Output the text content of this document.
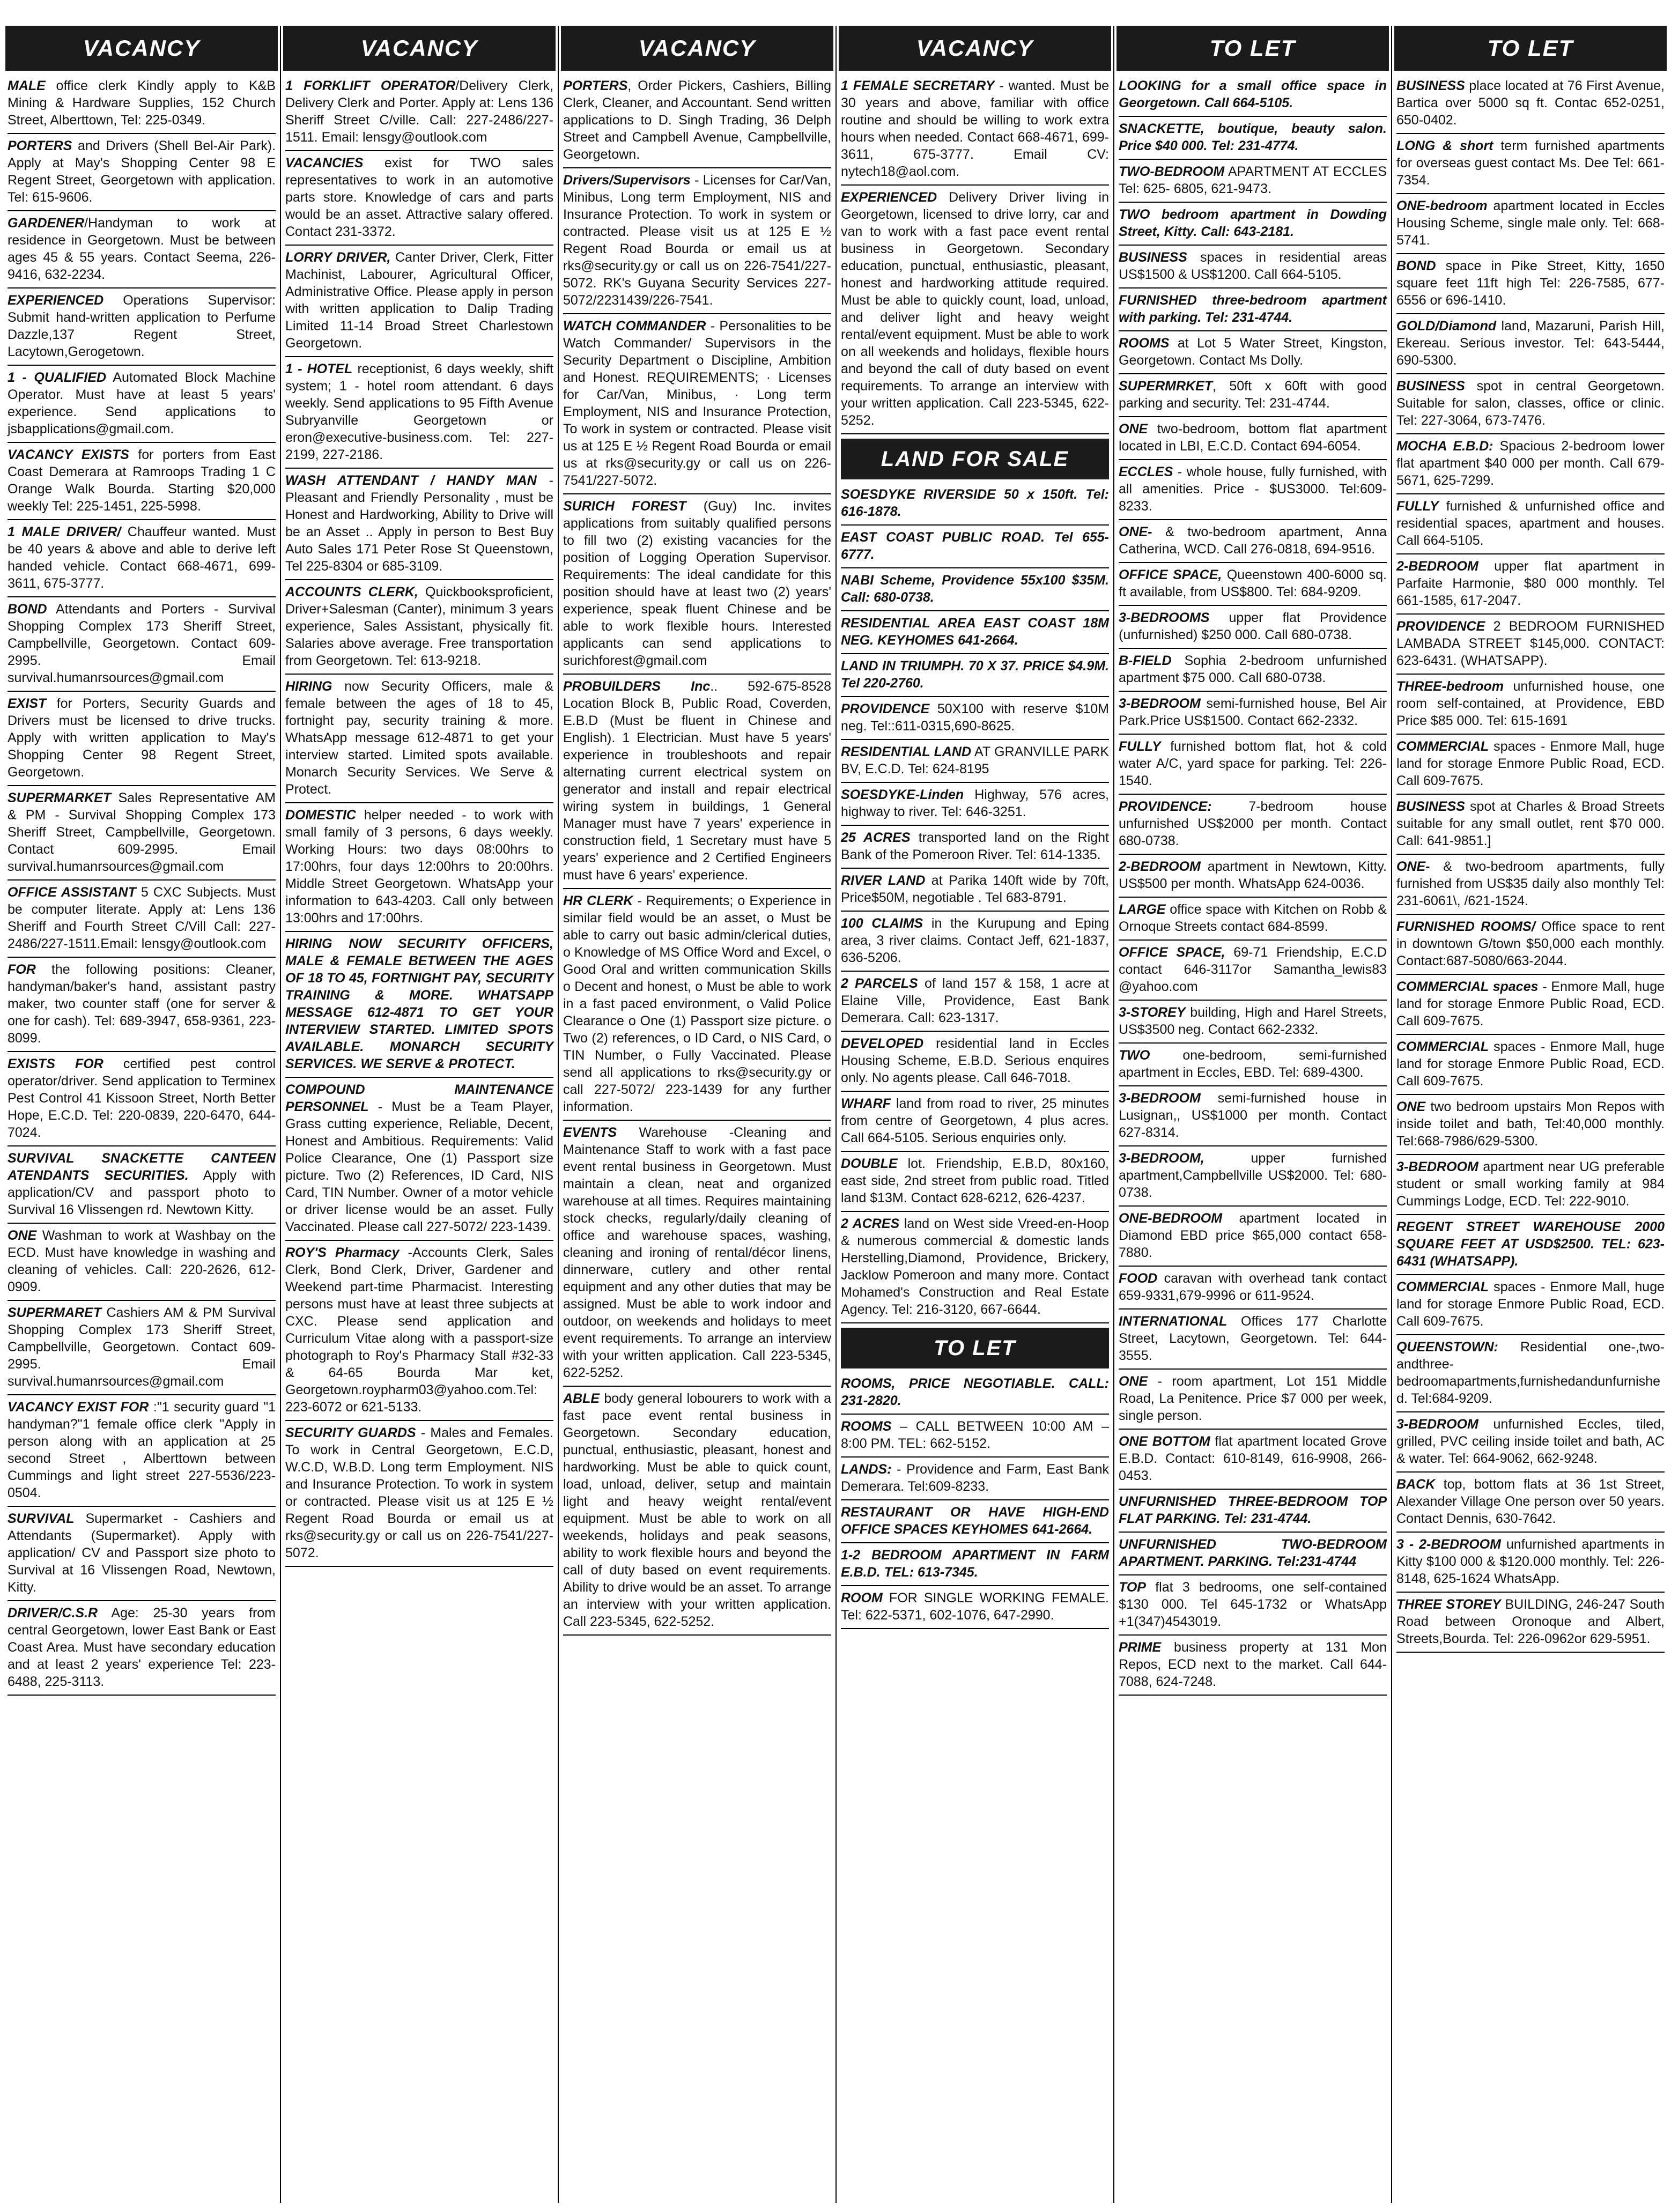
VACANCY
MALE office clerk Kindly apply to K&B Mining & Hardware Supplies, 152 Church Street, Alberttown, Tel: 225-0349.
PORTERS and Drivers (Shell Bel-Air Park). Apply at May's Shopping Center 98 E Regent Street, Georgetown with application. Tel: 615-9606.
GARDENER/Handyman to work at residence in Georgetown. Must be between ages 45 & 55 years. Contact Seema, 226-9416, 632-2234.
EXPERIENCED Operations Supervisor: Submit hand-written application to Perfume Dazzle,137 Regent Street, Lacytown,Gerogetown.
1 - QUALIFIED Automated Block Machine Operator. Must have at least 5 years' experience. Send applications to jsbapplications@gmail.com.
VACANCY EXISTS for porters from East Coast Demerara at Ramroops Trading 1 C Orange Walk Bourda. Starting $20,000 weekly Tel: 225-1451, 225-5998.
1 MALE DRIVER/ Chauffeur wanted. Must be 40 years & above and able to derive left handed vehicle. Contact 668-4671, 699-3611, 675-3777.
BOND Attendants and Porters - Survival Shopping Complex 173 Sheriff Street, Campbellville, Georgetown. Contact 609-2995. Email survival.humanrsources@gmail.com
EXIST for Porters, Security Guards and Drivers must be licensed to drive trucks. Apply with written application to May's Shopping Center 98 Regent Street, Georgetown.
SUPERMARKET Sales Representative AM & PM - Survival Shopping Complex 173 Sheriff Street, Campbellville, Georgetown. Contact 609-2995. Email survival.humanrsources@gmail.com
OFFICE ASSISTANT 5 CXC Subjects. Must be computer literate. Apply at: Lens 136 Sheriff and Fourth Street C/Vill Call: 227-2486/227-1511.Email: lensgy@outlook.com
FOR the following positions: Cleaner, handyman/baker's hand, assistant pastry maker, two counter staff (one for server & one for cash). Tel: 689-3947, 658-9361, 223-8099.
EXISTS FOR certified pest control operator/driver. Send application to Terminex Pest Control 41 Kissoon Street, North Better Hope, E.C.D. Tel: 220-0839, 220-6470, 644-7024.
SURVIVAL SNACKETTE CANTEEN ATENDANTS SECURITIES. Apply with application/CV and passport photo to Survival 16 Vlissengen rd. Newtown Kitty.
ONE Washman to work at Washbay on the ECD. Must have knowledge in washing and cleaning of vehicles. Call: 220-2626, 612-0909.
SUPERMARET Cashiers AM & PM Survival Shopping Complex 173 Sheriff Street, Campbellville, Georgetown. Contact 609-2995. Email survival.humanrsources@gmail.com
VACANCY EXIST FOR :"1 security guard "1 handyman?"1 female office clerk "Apply in person along with an application at 25 second Street , Alberttown between Cummings and light street 227-5536/223-0504.
SURVIVAL Supermarket - Cashiers and Attendants (Supermarket). Apply with application/ CV and Passport size photo to Survival at 16 Vlissengen Road, Newtown, Kitty.
DRIVER/C.S.R Age: 25-30 years from central Georgetown, lower East Bank or East Coast Area. Must have secondary education and at least 2 years' experience Tel: 223-6488, 225-3113.
VACANCY
1 FORKLIFT OPERATOR/Delivery Clerk, Delivery Clerk and Porter. Apply at: Lens 136 Sheriff Street C/ville. Call: 227-2486/227-1511. Email: lensgy@outlook.com
VACANCIES exist for TWO sales representatives to work in an automotive parts store. Knowledge of cars and parts would be an asset. Attractive salary offered. Contact 231-3372.
LORRY DRIVER, Canter Driver, Clerk, Fitter Machinist, Labourer, Agricultural Officer, Administrative Office. Please apply in person with written application to Dalip Trading Limited 11-14 Broad Street Charlestown Georgetown.
1 - HOTEL receptionist, 6 days weekly, shift system; 1 - hotel room attendant. 6 days weekly. Send applications to 95 Fifth Avenue Subryanville Georgetown or eron@executive-business.com. Tel: 227-2199, 227-2186.
WASH ATTENDANT / HANDY MAN - Pleasant and Friendly Personality , must be Honest and Hardworking, Ability to Drive will be an Asset .. Apply in person to Best Buy Auto Sales 171 Peter Rose St Queenstown, Tel 225-8304 or 685-3109.
ACCOUNTS CLERK, Quickbooksproficient, Driver+Salesman (Canter), minimum 3 years experience, Sales Assistant, physically fit. Salaries above average. Free transportation from Georgetown. Tel: 613-9218.
HIRING now Security Officers, male & female between the ages of 18 to 45, fortnight pay, security training & more. WhatsApp message 612-4871 to get your interview started. Limited spots available. Monarch Security Services. We Serve & Protect.
DOMESTIC helper needed - to work with small family of 3 persons, 6 days weekly. Working Hours: two days 08:00hrs to 17:00hrs, four days 12:00hrs to 20:00hrs. Middle Street Georgetown. WhatsApp your information to 643-4203. Call only between 13:00hrs and 17:00hrs.
HIRING NOW SECURITY OFFICERS, MALE & FEMALE BETWEEN THE AGES OF 18 TO 45, FORTNIGHT PAY, SECURITY TRAINING & MORE. WHATSAPP MESSAGE 612-4871 TO GET YOUR INTERVIEW STARTED. LIMITED SPOTS AVAILABLE. MONARCH SECURITY SERVICES. WE SERVE & PROTECT.
COMPOUND MAINTENANCE PERSONNEL - Must be a Team Player, Grass cutting experience, Reliable, Decent, Honest and Ambitious. Requirements: Valid Police Clearance, One (1) Passport size picture. Two (2) References, ID Card, NIS Card, TIN Number. Owner of a motor vehicle or driver license would be an asset. Fully Vaccinated. Please call 227-5072/ 223-1439.
ROY'S Pharmacy -Accounts Clerk, Sales Clerk, Bond Clerk, Driver, Gardener and Weekend part-time Pharmacist. Interesting persons must have at least three subjects at CXC. Please send application and Curriculum Vitae along with a passport-size photograph to Roy's Pharmacy Stall #32-33 & 64-65 Bourda Mar ket, Georgetown.roypharm03@yahoo.com.Tel: 223-6072 or 621-5133.
SECURITY GUARDS - Males and Females. To work in Central Georgetown, E.C.D, W.C.D, W.B.D. Long term Employment. NIS and Insurance Protection. To work in system or contracted. Please visit us at 125 E ½ Regent Road Bourda or email us at rks@security.gy or call us on 226-7541/227-5072.
VACANCY
PORTERS, Order Pickers, Cashiers, Billing Clerk, Cleaner, and Accountant. Send written applications to D. Singh Trading, 36 Delph Street and Campbell Avenue, Campbellville, Georgetown.
Drivers/Supervisors - Licenses for Car/Van, Minibus, Long term Employment, NIS and Insurance Protection. To work in system or contracted. Please visit us at 125 E ½ Regent Road Bourda or email us at rks@security.gy or call us on 226-7541/227-5072. RK's Guyana Security Services 227-5072/2231439/226-7541.
WATCH COMMANDER - Personalities to be Watch Commander/ Supervisors in the Security Department o Discipline, Ambition and Honest. REQUIREMENTS; · Licenses for Car/Van, Minibus, · Long term Employment, NIS and Insurance Protection, To work in system or contracted. Please visit us at 125 E ½ Regent Road Bourda or email us at rks@security.gy or call us on 226-7541/227-5072.
SURICH FOREST (Guy) Inc. invites applications from suitably qualified persons to fill two (2) existing vacancies for the position of Logging Operation Supervisor. Requirements: The ideal candidate for this position should have at least two (2) years' experience, speak fluent Chinese and be able to work flexible hours. Interested applicants can send applications to surichforest@gmail.com
PROBUILDERS Inc.. 592-675-8528 Location Block B, Public Road, Coverden, E.B.D (Must be fluent in Chinese and English). 1 Electrician. Must have 5 years' experience in troubleshoots and repair alternating current electrical system on generator and install and repair electrical wiring system in buildings, 1 General Manager must have 7 years' experience in construction field, 1 Secretary must have 5 years' experience and 2 Certified Engineers must have 6 years' experience.
HR CLERK - Requirements; o Experience in similar field would be an asset, o Must be able to carry out basic admin/clerical duties, o Knowledge of MS Office Word and Excel, o Good Oral and written communication Skills o Decent and honest, o Must be able to work in a fast paced environment, o Valid Police Clearance o One (1) Passport size picture. o Two (2) references, o ID Card, o NIS Card, o TIN Number, o Fully Vaccinated. Please send all applications to rks@security.gy or call 227-5072/ 223-1439 for any further information.
EVENTS Warehouse -Cleaning and Maintenance Staff to work with a fast pace event rental business in Georgetown. Must maintain a clean, neat and organized warehouse at all times. Requires maintaining stock checks, regularly/daily cleaning of office and warehouse spaces, washing, cleaning and ironing of rental/décor linens, dinnerware, cutlery and other rental equipment and any other duties that may be assigned. Must be able to work indoor and outdoor, on weekends and holidays to meet event requirements. To arrange an interview with your written application. Call 223-5345, 622-5252.
ABLE body general lobourers to work with a fast pace event rental business in Georgetown. Secondary education, punctual, enthusiastic, pleasant, honest and hardworking. Must be able to quick count, load, unload, deliver, setup and maintain light and heavy weight rental/event equipment. Must be able to work on all weekends, holidays and peak seasons, ability to work flexible hours and beyond the call of duty based on event requirements. Ability to drive would be an asset. To arrange an interview with your written application. Call 223-5345, 622-5252.
VACANCY
1 FEMALE SECRETARY - wanted. Must be 30 years and above, familiar with office routine and should be willing to work extra hours when needed. Contact 668-4671, 699-3611, 675-3777. Email CV: nytech18@aol.com.
EXPERIENCED Delivery Driver living in Georgetown, licensed to drive lorry, car and van to work with a fast pace event rental business in Georgetown. Secondary education, punctual, enthusiastic, pleasant, honest and hardworking attitude required. Must be able to quickly count, load, unload, and deliver light and heavy weight rental/event equipment. Must be able to work on all weekends and holidays, flexible hours and beyond the call of duty based on event requirements. To arrange an interview with your written application. Call 223-5345, 622-5252.
LAND FOR SALE
SOESDYKE RIVERSIDE 50 x 150ft. Tel: 616-1878.
EAST COAST PUBLIC ROAD. Tel 655-6777.
NABI Scheme, Providence 55x100 $35M. Call: 680-0738.
RESIDENTIAL AREA EAST COAST 18M NEG. KEYHOMES 641-2664.
LAND IN TRIUMPH. 70 X 37. PRICE $4.9M. Tel 220-2760.
PROVIDENCE 50X100 with reserve $10M neg. Tel::611-0315,690-8625.
RESIDENTIAL LAND AT GRANVILLE PARK BV, E.C.D. Tel: 624-8195
SOESDYKE-Linden Highway, 576 acres, highway to river. Tel: 646-3251.
25 ACRES transported land on the Right Bank of the Pomeroon River. Tel: 614-1335.
RIVER LAND at Parika 140ft wide by 70ft, Price$50M, negotiable . Tel 683-8791.
100 CLAIMS in the Kurupung and Eping area, 3 river claims. Contact Jeff, 621-1837, 636-5206.
2 PARCELS of land 157 & 158, 1 acre at Elaine Ville, Providence, East Bank Demerara. Call: 623-1317.
DEVELOPED residential land in Eccles Housing Scheme, E.B.D. Serious enquires only. No agents please. Call 646-7018.
WHARF land from road to river, 25 minutes from centre of Georgetown, 4 plus acres. Call 664-5105. Serious enquiries only.
DOUBLE lot. Friendship, E.B.D, 80x160, east side, 2nd street from public road. Titled land $13M. Contact 628-6212, 626-4237.
2 ACRES land on West side Vreed-en-Hoop & numerous commercial & domestic lands Herstelling,Diamond, Providence, Brickery, Jacklow Pomeroon and many more. Contact Mohamed's Construction and Real Estate Agency. Tel: 216-3120, 667-6644.
TO LET
ROOMS, PRICE NEGOTIABLE. CALL: 231-2820.
ROOMS – CALL BETWEEN 10:00 AM – 8:00 PM. TEL: 662-5152.
LANDS: - Providence and Farm, East Bank Demerara. Tel:609-8233.
RESTAURANT OR HAVE HIGH-END OFFICE SPACES KEYHOMES 641-2664.
1-2 BEDROOM APARTMENT IN FARM E.B.D. TEL: 613-7345.
ROOM FOR SINGLE WORKING FEMALE. Tel: 622-5371, 602-1076, 647-2990.
TO LET
LOOKING for a small office space in Georgetown. Call 664-5105.
SNACKETTE, boutique, beauty salon. Price $40 000. Tel: 231-4774.
TWO-BEDROOM APARTMENT AT ECCLES Tel: 625- 6805, 621-9473.
TWO bedroom apartment in Dowding Street, Kitty. Call: 643-2181.
BUSINESS spaces in residential areas US$1500 & US$1200. Call 664-5105.
FURNISHED three-bedroom apartment with parking. Tel: 231-4744.
ROOMS at Lot 5 Water Street, Kingston, Georgetown. Contact Ms Dolly.
SUPERMRKET, 50ft x 60ft with good parking and security. Tel: 231-4744.
ONE two-bedroom, bottom flat apartment located in LBI, E.C.D. Contact 694-6054.
ECCLES - whole house, fully furnished, with all amenities. Price - $US3000. Tel:609-8233.
ONE- & two-bedroom apartment, Anna Catherina, WCD. Call 276-0818, 694-9516.
OFFICE SPACE, Queenstown 400-6000 sq. ft available, from US$800. Tel: 684-9209.
3-BEDROOMS upper flat Providence (unfurnished) $250 000. Call 680-0738.
B-FIELD Sophia 2-bedroom unfurnished apartment $75 000. Call 680-0738.
3-BEDROOM semi-furnished house, Bel Air Park.Price US$1500. Contact 662-2332.
FULLY furnished bottom flat, hot & cold water A/C, yard space for parking. Tel: 226-1540.
PROVIDENCE: 7-bedroom house unfurnished US$2000 per month. Contact 680-0738.
2-BEDROOM apartment in Newtown, Kitty. US$500 per month. WhatsApp 624-0036.
LARGE office space with Kitchen on Robb & Ornoque Streets contact 684-8599.
OFFICE SPACE, 69-71 Friendship, E.C.D contact 646-3117or Samantha_lewis83 @yahoo.com
3-STOREY building, High and Harel Streets, US$3500 neg. Contact 662-2332.
TWO one-bedroom, semi-furnished apartment in Eccles, EBD. Tel: 689-4300.
3-BEDROOM semi-furnished house in Lusignan,, US$1000 per month. Contact 627-8314.
3-BEDROOM, upper furnished apartment,Campbellville US$2000. Tel: 680-0738.
ONE-BEDROOM apartment located in Diamond EBD price $65,000 contact 658-7880.
FOOD caravan with overhead tank contact 659-9331,679-9996 or 611-9524.
INTERNATIONAL Offices 177 Charlotte Street, Lacytown, Georgetown. Tel: 644-3555.
ONE - room apartment, Lot 151 Middle Road, La Penitence. Price $7 000 per week, single person.
ONE BOTTOM flat apartment located Grove E.B.D. Contact: 610-8149, 616-9908, 266-0453.
UNFURNISHED THREE-BEDROOM TOP FLAT PARKING. Tel: 231-4744.
UNFURNISHED TWO-BEDROOM APARTMENT. PARKING. Tel:231-4744
TOP flat 3 bedrooms, one self-contained $130 000. Tel 645-1732 or WhatsApp +1(347)4543019.
PRIME business property at 131 Mon Repos, ECD next to the market. Call 644-7088, 624-7248.
TO LET
BUSINESS place located at 76 First Avenue, Bartica over 5000 sq ft. Contac 652-0251, 650-0402.
LONG & short term furnished apartments for overseas guest contact Ms. Dee Tel: 661-7354.
ONE-bedroom apartment located in Eccles Housing Scheme, single male only. Tel: 668-5741.
BOND space in Pike Street, Kitty, 1650 square feet 11ft high Tel: 226-7585, 677-6556 or 696-1410.
GOLD/Diamond land, Mazaruni, Parish Hill, Ekereau. Serious investor. Tel: 643-5444, 690-5300.
BUSINESS spot in central Georgetown. Suitable for salon, classes, office or clinic. Tel: 227-3064, 673-7476.
MOCHA E.B.D: Spacious 2-bedroom lower flat apartment $40 000 per month. Call 679-5671, 625-7299.
FULLY furnished & unfurnished office and residential spaces, apartment and houses. Call 664-5105.
2-BEDROOM upper flat apartment in Parfaite Harmonie, $80 000 monthly. Tel 661-1585, 617-2047.
PROVIDENCE 2 BEDROOM FURNISHED LAMBADA STREET $145,000. CONTACT: 623-6431. (WHATSAPP).
THREE-bedroom unfurnished house, one room self-contained, at Providence, EBD Price $85 000. Tel: 615-1691
COMMERCIAL spaces - Enmore Mall, huge land for storage Enmore Public Road, ECD. Call 609-7675.
BUSINESS spot at Charles & Broad Streets suitable for any small outlet, rent $70 000. Call: 641-9851.]
ONE- & two-bedroom apartments, fully furnished from US$35 daily also monthly Tel: 231-6061\, /621-1524.
FURNISHED ROOMS/ Office space to rent in downtown G/town $50,000 each monthly. Contact:687-5080/663-2044.
COMMERCIAL spaces - Enmore Mall, huge land for storage Enmore Public Road, ECD. Call 609-7675.
COMMERCIAL spaces - Enmore Mall, huge land for storage Enmore Public Road, ECD. Call 609-7675.
ONE two bedroom upstairs Mon Repos with inside toilet and bath, Tel:40,000 monthly. Tel:668-7986/629-5300.
3-BEDROOM apartment near UG preferable student or small working family at 984 Cummings Lodge, ECD. Tel: 222-9010.
REGENT STREET WAREHOUSE 2000 SQUARE FEET AT USD$2500. TEL: 623-6431 (WHATSAPP).
COMMERCIAL spaces - Enmore Mall, huge land for storage Enmore Public Road, ECD. Call 609-7675.
QUEENSTOWN: Residential one-,two-andthree-bedroomapartments,furnishedandunfurnished. Tel:684-9209.
3-BEDROOM unfurnished Eccles, tiled, grilled, PVC ceiling inside toilet and bath, AC & water. Tel: 664-9062, 662-9248.
BACK top, bottom flats at 36 1st Street, Alexander Village One person over 50 years. Contact Dennis, 630-7642.
3 - 2-BEDROOM unfurnished apartments in Kitty $100 000 & $120.000 monthly. Tel: 226-8148, 625-1624 WhatsApp.
THREE STOREY BUILDING, 246-247 South Road between Oronoque and Albert, Streets,Bourda. Tel: 226-0962or 629-5951.
